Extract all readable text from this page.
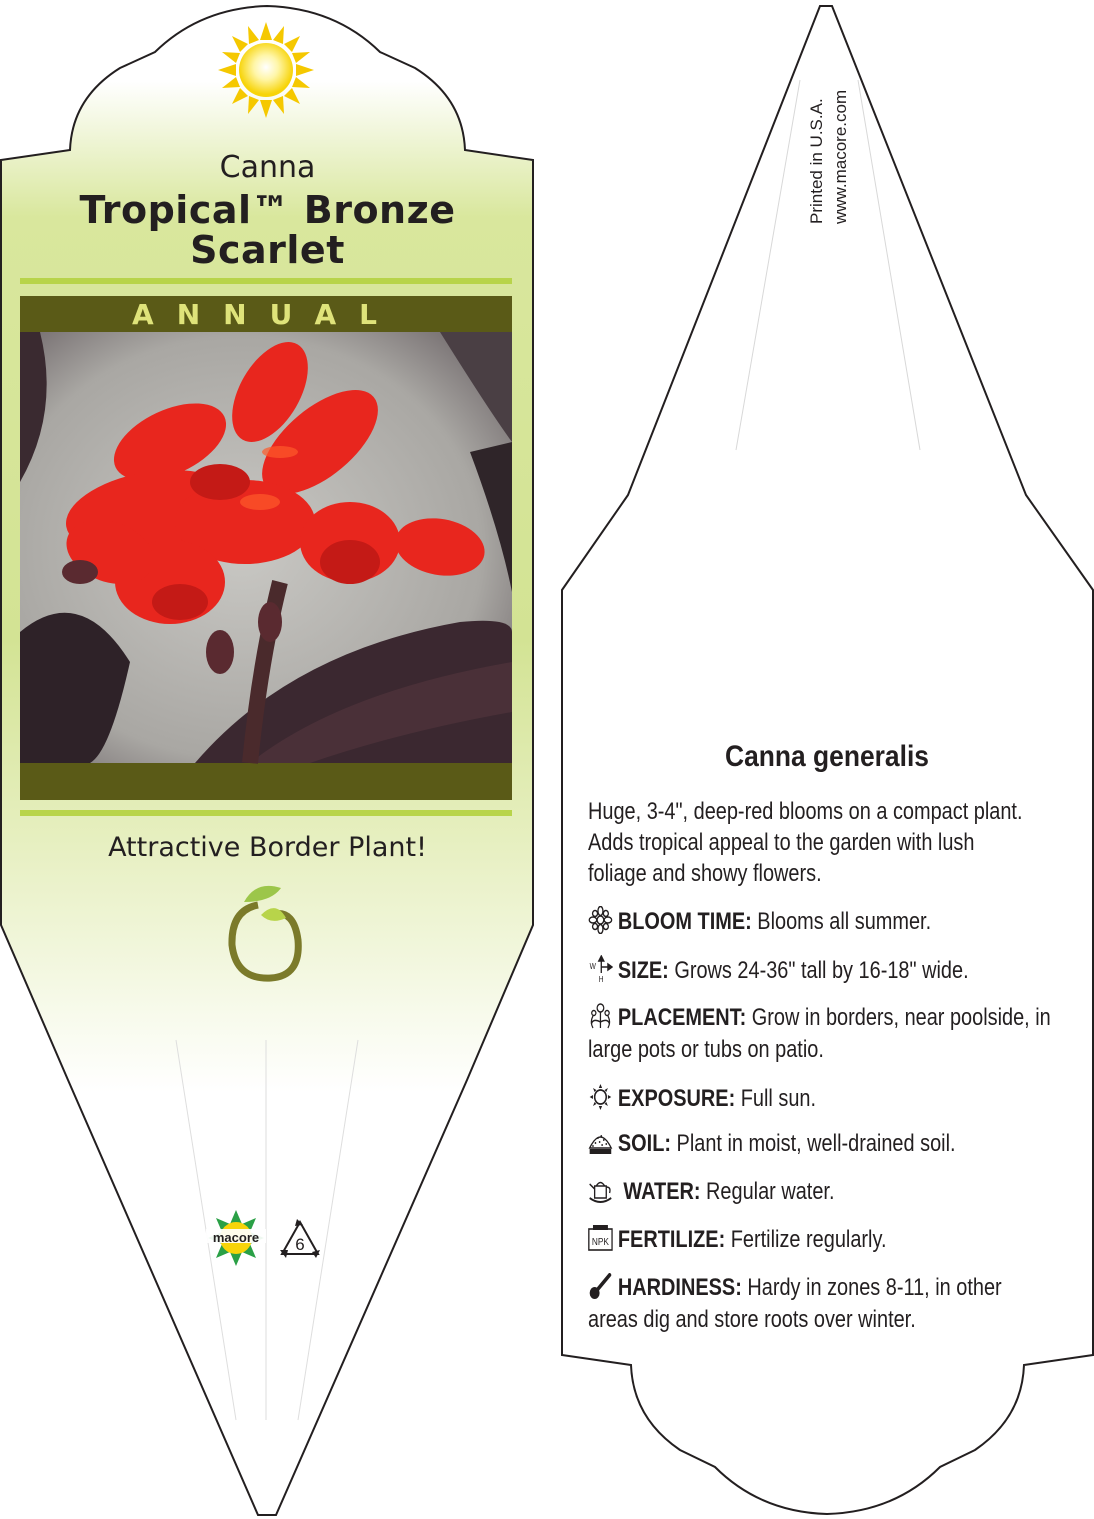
macore 6
Canna
Tropical™ Bronze
Scarlet
ANNUAL
Attractive Border Plant!
Printed in U.S.A. www.macore.com
Canna generalis
Huge, 3-4", deep-red blooms on a compact plant. Adds tropical appeal to the garden with lush foliage and showy flowers.
BLOOM TIME: Blooms all summer.
W
H SIZE: Grows 24-36" tall by 16-18" wide.
PLACEMENT: Grow in borders, near poolside, in large pots or tubs on patio.
EXPOSURE: Full sun.
SOIL: Plant in moist, well-drained soil.
WATER: Regular water.
NPK FERTILIZE: Fertilize regularly.
HARDINESS: Hardy in zones 8-11, in other areas dig and store roots over winter.
